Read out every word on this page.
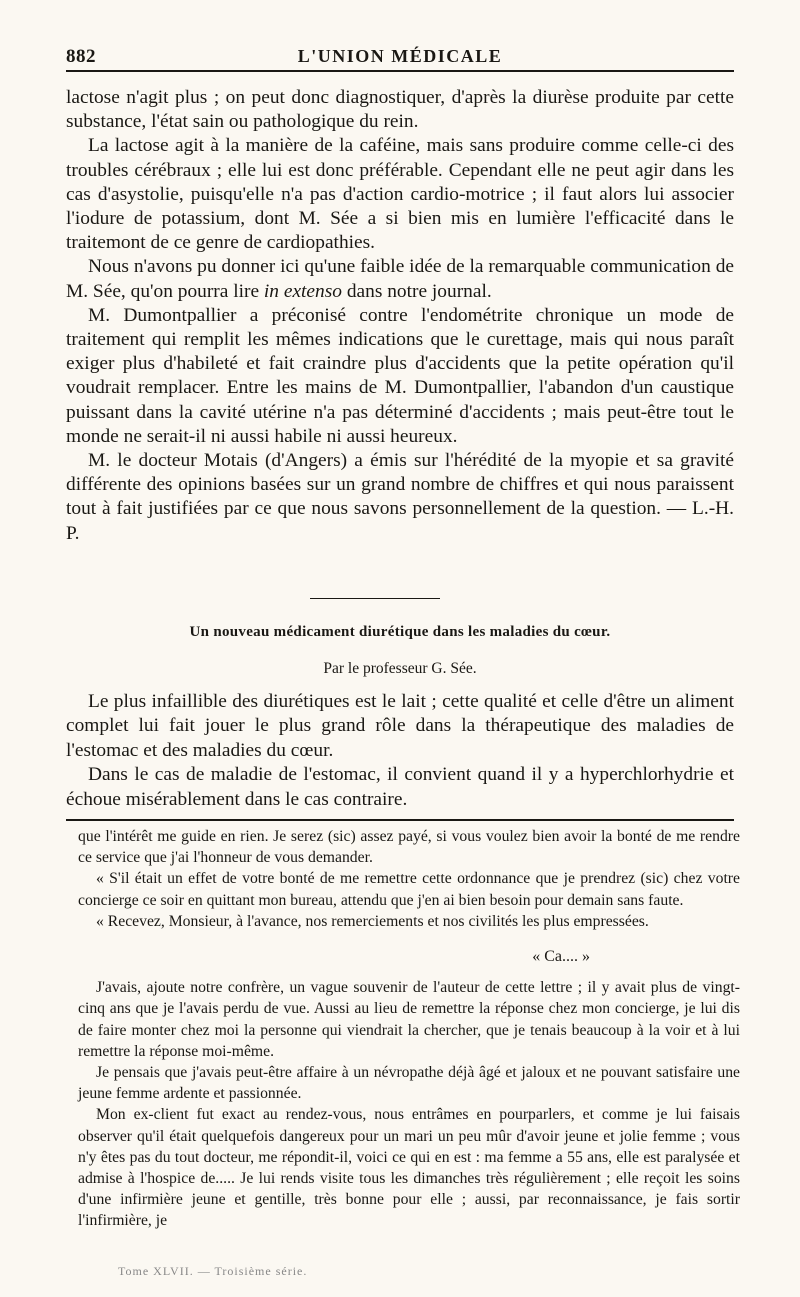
882	L'UNION MÉDICALE

lactose n'agit plus ; on peut donc diagnostiquer, d'après la diurèse produite par cette substance, l'état sain ou pathologique du rein.

La lactose agit à la manière de la caféine, mais sans produire comme celle-ci des troubles cérébraux ; elle lui est donc préférable. Cependant elle ne peut agir dans les cas d'asystolie, puisqu'elle n'a pas d'action cardio-motrice ; il faut alors lui associer l'iodure de potassium, dont M. Sée a si bien mis en lumière l'efficacité dans le traitemont de ce genre de cardiopathies.

Nous n'avons pu donner ici qu'une faible idée de la remarquable communication de M. Sée, qu'on pourra lire in extenso dans notre journal.

M. Dumontpallier a préconisé contre l'endométrite chronique un mode de traitement qui remplit les mêmes indications que le curettage, mais qui nous paraît exiger plus d'habileté et fait craindre plus d'accidents que la petite opération qu'il voudrait remplacer. Entre les mains de M. Dumontpallier, l'abandon d'un caustique puissant dans la cavité utérine n'a pas déterminé d'accidents ; mais peut-être tout le monde ne serait-il ni aussi habile ni aussi heureux.

M. le docteur Motais (d'Angers) a émis sur l'hérédité de la myopie et sa gravité différente des opinions basées sur un grand nombre de chiffres et qui nous paraissent tout à fait justifiées par ce que nous savons personnellement de la question. — L.-H. P.

Un nouveau médicament diurétique dans les maladies du cœur.
Par le professeur G. Sée.

Le plus infaillible des diurétiques est le lait ; cette qualité et celle d'être un aliment complet lui fait jouer le plus grand rôle dans la thérapeutique des maladies de l'estomac et des maladies du cœur.

Dans le cas de maladie de l'estomac, il convient quand il y a hyperchlorhydrie et échoue misérablement dans le cas contraire.

que l'intérêt me guide en rien. Je serez (sic) assez payé, si vous voulez bien avoir la bonté de me rendre ce service que j'ai l'honneur de vous demander.

« S'il était un effet de votre bonté de me remettre cette ordonnance que je prendrez (sic) chez votre concierge ce soir en quittant mon bureau, attendu que j'en ai bien besoin pour demain sans faute.

« Recevez, Monsieur, à l'avance, nos remerciements et nos civilités les plus empressées.

« Ca.... »

J'avais, ajoute notre confrère, un vague souvenir de l'auteur de cette lettre ; il y avait plus de vingt-cinq ans que je l'avais perdu de vue. Aussi au lieu de remettre la réponse chez mon concierge, je lui dis de faire monter chez moi la personne qui viendrait la chercher, que je tenais beaucoup à la voir et à lui remettre la réponse moi-même.

Je pensais que j'avais peut-être affaire à un névropathe déjà âgé et jaloux et ne pouvant satisfaire une jeune femme ardente et passionnée.

Mon ex-client fut exact au rendez-vous, nous entrâmes en pourparlers, et comme je lui faisais observer qu'il était quelquefois dangereux pour un mari un peu mûr d'avoir jeune et jolie femme ; vous n'y êtes pas du tout docteur, me répondit-il, voici ce qui en est : ma femme a 55 ans, elle est paralysée et admise à l'hospice de..... Je lui rends visite tous les dimanches très régulièrement ; elle reçoit les soins d'une infirmière jeune et gentille, très bonne pour elle ; aussi, par reconnaissance, je fais sortir l'infirmière, je

Tome XLVII. — Troisième série.
